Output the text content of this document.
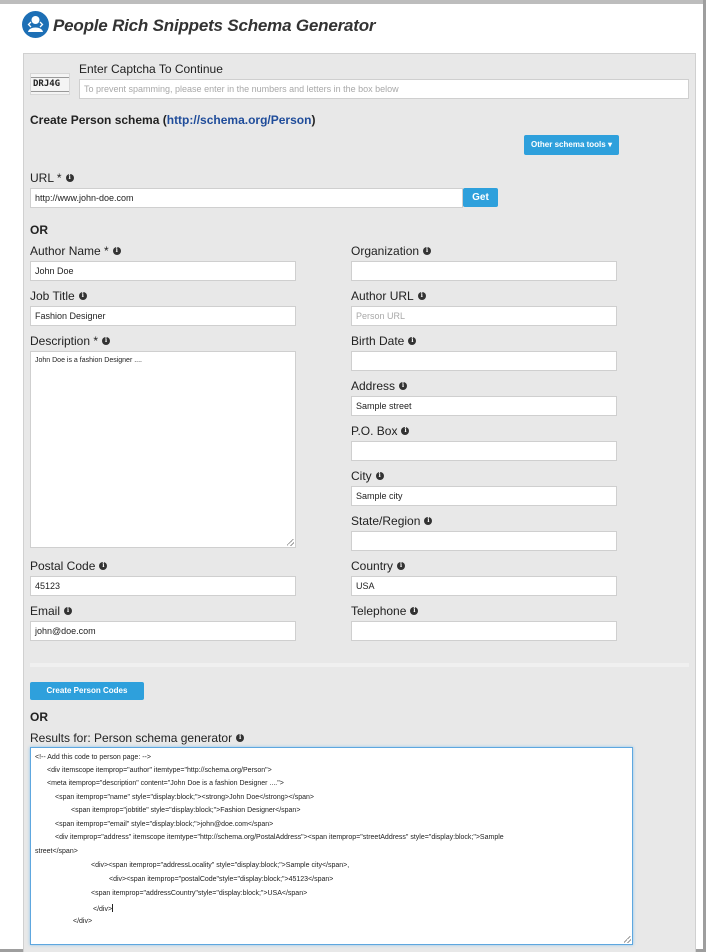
People Rich Snippets Schema Generator
DRJ4G
Enter Captcha To Continue
To prevent spamming, please enter in the numbers and letters in the box below
Create Person schema (http://schema.org/Person)
Other schema tools ▾
URL * i
http://www.john-doe.com	Get
OR
Author Name * i
John Doe
Job Title i
Fashion Designer
Description * i
John Doe is a fashion Designer ....
Postal Code i
45123
Email i
john@doe.com
Organization i
Author URL i
Person URL
Birth Date i
Address i
Sample street
P.O. Box i
City i
Sample city
State/Region i
Country i
USA
Telephone i
Create Person Codes
OR
Results for: Person schema generator i
<!-- Add this code to person page: -->
<div itemscope itemprop="author" itemtype="http://schema.org/Person">
<meta itemprop="description" content="John Doe is a fashion Designer ....">
<span itemprop="name" style="display:block;"><strong>John Doe</strong></span>
<span itemprop="jobtitle" style="display:block;">Fashion Designer</span>
<span itemprop="email" style="display:block;">john@doe.com</span>
<div itemprop="address" itemscope itemtype="http://schema.org/PostalAddress"><span itemprop="streetAddress" style="display:block;">Sample
street</span>
<div><span itemprop="addressLocality" style="display:block;">Sample city</span>,
<div><span itemprop="postalCode"style="display:block;">45123</span>
<span itemprop="addressCountry"style="display:block;">USA</span>
</div>
</div>
